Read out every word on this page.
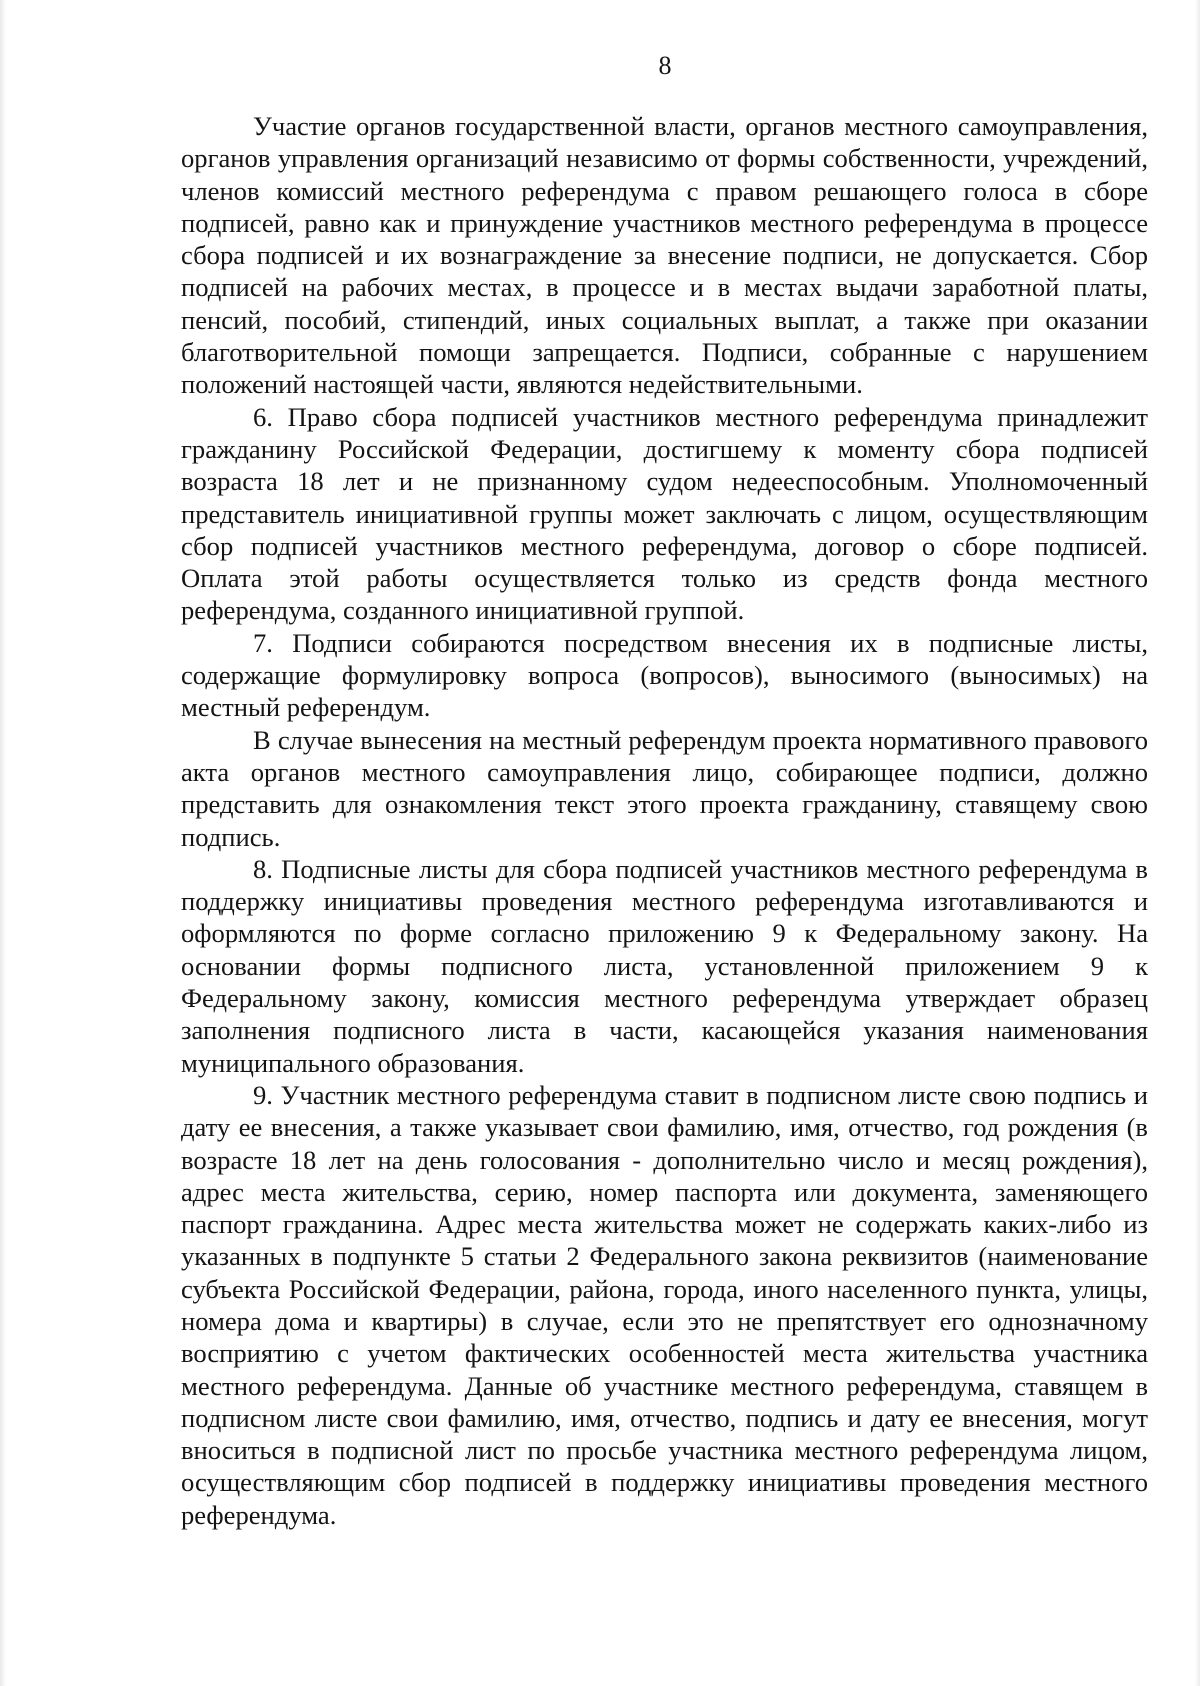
8

Участие органов государственной власти, органов местного самоуправления, органов управления организаций независимо от формы собственности, учреждений, членов комиссий местного референдума с правом решающего голоса в сборе подписей, равно как и принуждение участников местного референдума в процессе сбора подписей и их вознаграждение за внесение подписи, не допускается. Сбор подписей на рабочих местах, в процессе и в местах выдачи заработной платы, пенсий, пособий, стипендий, иных социальных выплат, а также при оказании благотворительной помощи запрещается. Подписи, собранные с нарушением положений настоящей части, являются недействительными.

6. Право сбора подписей участников местного референдума принадлежит гражданину Российской Федерации, достигшему к моменту сбора подписей возраста 18 лет и не признанному судом недееспособным. Уполномоченный представитель инициативной группы может заключать с лицом, осуществляющим сбор подписей участников местного референдума, договор о сборе подписей. Оплата этой работы осуществляется только из средств фонда местного референдума, созданного инициативной группой.

7. Подписи собираются посредством внесения их в подписные листы, содержащие формулировку вопроса (вопросов), выносимого (выносимых) на местный референдум.

В случае вынесения на местный референдум проекта нормативного правового акта органов местного самоуправления лицо, собирающее подписи, должно представить для ознакомления текст этого проекта гражданину, ставящему свою подпись.

8. Подписные листы для сбора подписей участников местного референдума в поддержку инициативы проведения местного референдума изготавливаются и оформляются по форме согласно приложению 9 к Федеральному закону. На основании формы подписного листа, установленной приложением 9 к Федеральному закону, комиссия местного референдума утверждает образец заполнения подписного листа в части, касающейся указания наименования муниципального образования.

9. Участник местного референдума ставит в подписном листе свою подпись и дату ее внесения, а также указывает свои фамилию, имя, отчество, год рождения (в возрасте 18 лет на день голосования - дополнительно число и месяц рождения), адрес места жительства, серию, номер паспорта или документа, заменяющего паспорт гражданина. Адрес места жительства может не содержать каких-либо из указанных в подпункте 5 статьи 2 Федерального закона реквизитов (наименование субъекта Российской Федерации, района, города, иного населенного пункта, улицы, номера дома и квартиры) в случае, если это не препятствует его однозначному восприятию с учетом фактических особенностей места жительства участника местного референдума. Данные об участнике местного референдума, ставящем в подписном листе свои фамилию, имя, отчество, подпись и дату ее внесения, могут вноситься в подписной лист по просьбе участника местного референдума лицом, осуществляющим сбор подписей в поддержку инициативы проведения местного референдума.
